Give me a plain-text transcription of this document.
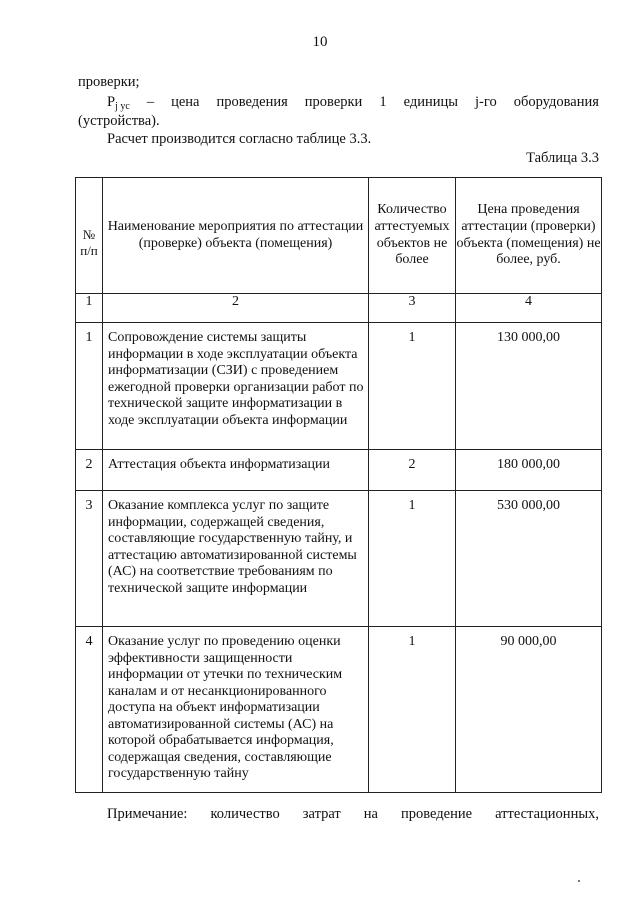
10
проверки;
$P_{j ус}$ – цена проведения проверки 1 единицы j-го оборудования
(устройства).
Расчет производится согласно таблице 3.3.
Таблица 3.3
№ п/п	Наименование мероприятия по аттестации (проверке) объекта (помещения)	Количество аттестуемых объектов не более	Цена проведения аттестации (проверки) объекта (помещения) не более, руб.
1	2	3	4
1	Сопровождение системы защиты информации в ходе эксплуатации объекта информатизации (СЗИ) с проведением ежегодной проверки организации работ по технической защите информатизации в ходе эксплуатации объекта информации	1	130 000,00
2	Аттестация объекта информатизации	2	180 000,00
3	Оказание комплекса услуг по защите информации, содержащей сведения, составляющие государственную тайну, и аттестацию автоматизированной системы (АС) на соответствие требованиям по технической защите информации	1	530 000,00
4	Оказание услуг по проведению оценки эффективности защищенности информации от утечки по техническим каналам и от несанкционированного доступа на объект информатизации автоматизированной системы (АС) на которой обрабатывается информация, содержащая сведения, составляющие государственную тайну	1	90 000,00
Примечание: количество затрат на проведение аттестационных,
